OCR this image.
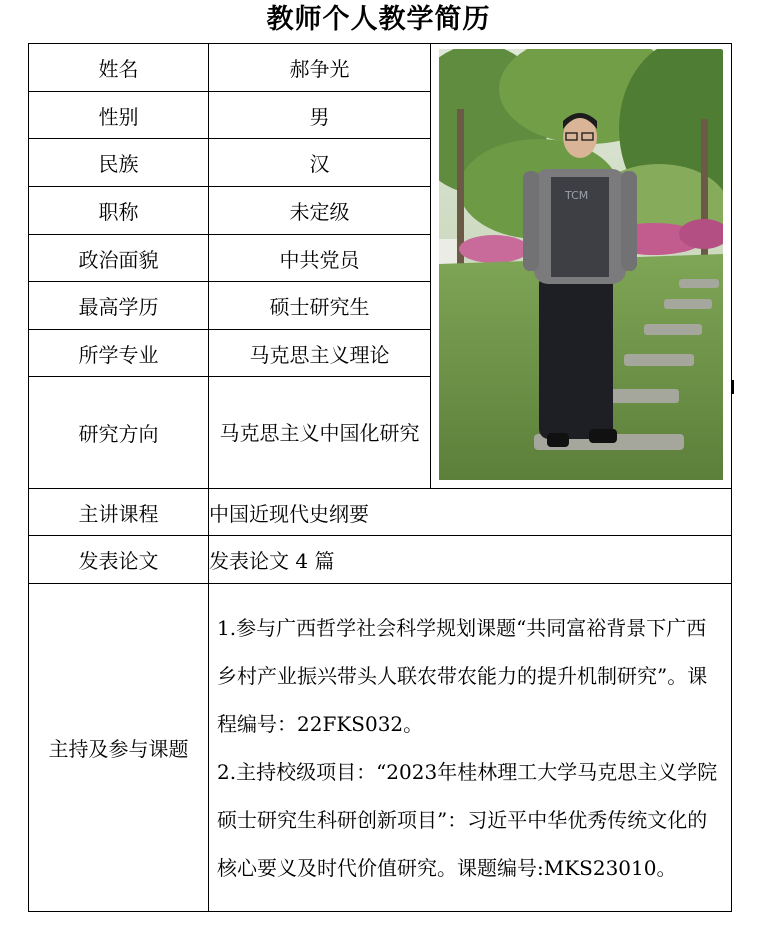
教师个人教学简历
姓名	郝争光	TCM

性别	男	
民族	汉	
职称	未定级	
政治面貌	中共党员	
最高学历	硕士研究生	
所学专业	马克思主义理论	
研究方向	马克思主义中国化研究	

主讲课程	中国近现代史纲要	
发表论文	发表论文 4 篇	
主持及参与课题	1.参与广西哲学社会科学规划课题“共同富裕背景下广西乡村产业振兴带头人联农带农能力的提升机制研究”。课程编号：22FKS032。
2.主持校级项目：“2023年桂林理工大学马克思主义学院硕士研究生科研创新项目”：习近平中华优秀传统文化的核心要义及时代价值研究。课题编号:MKS23010。	
